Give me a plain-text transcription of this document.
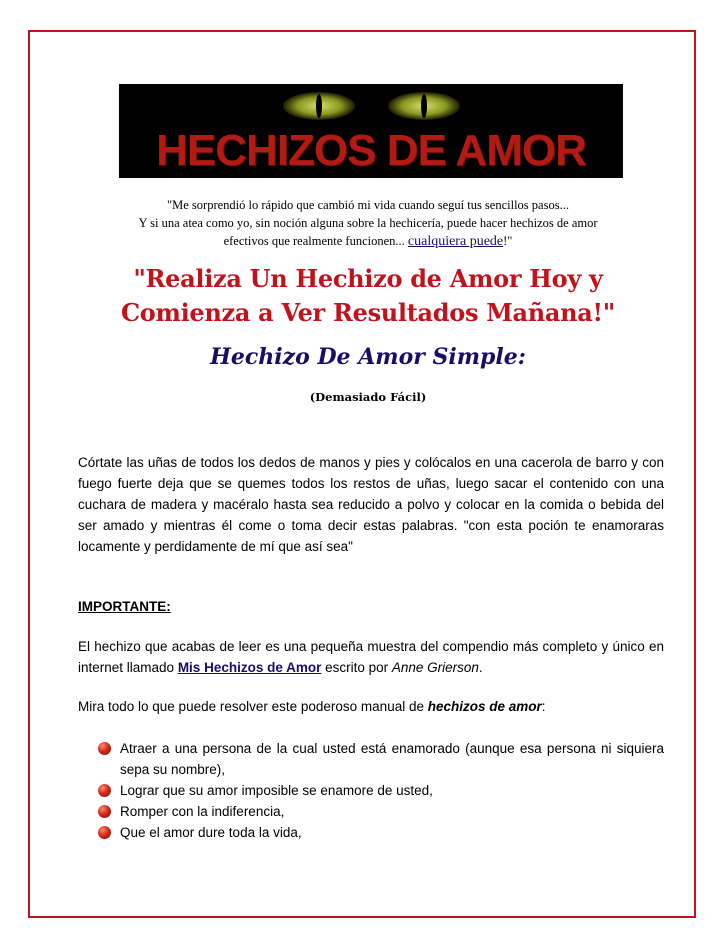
HECHIZOS DE AMOR
"Me sorprendió lo rápido que cambió mi vida cuando seguí tus sencillos pasos...
Y si una atea como yo, sin noción alguna sobre la hechicería, puede hacer hechizos de amor
efectivos que realmente funcionen... cualquiera puede!"
"Realiza Un Hechizo de Amor Hoy y
Comienza a Ver Resultados Mañana!"
Hechizo De Amor Simple:
(Demasiado Fácil)
Córtate las uñas de todos los dedos de manos y pies y colócalos en una cacerola de barro y con fuego fuerte deja que se quemes todos los restos de uñas, luego sacar el contenido con una cuchara de madera y macéralo hasta sea reducido a polvo y colocar en la comida o bebida del ser amado y mientras él come o toma decir estas palabras. "con esta poción te enamoraras locamente y perdidamente de mí que así sea"
IMPORTANTE:
El hechizo que acabas de leer es una pequeña muestra del compendio más completo y único en internet llamado Mis Hechizos de Amor escrito por Anne Grierson.
Mira todo lo que puede resolver este poderoso manual de hechizos de amor:
Atraer a una persona de la cual usted está enamorado (aunque esa persona ni siquiera sepa su nombre),
Lograr que su amor imposible se enamore de usted,
Romper con la indiferencia,
Que el amor dure toda la vida,
